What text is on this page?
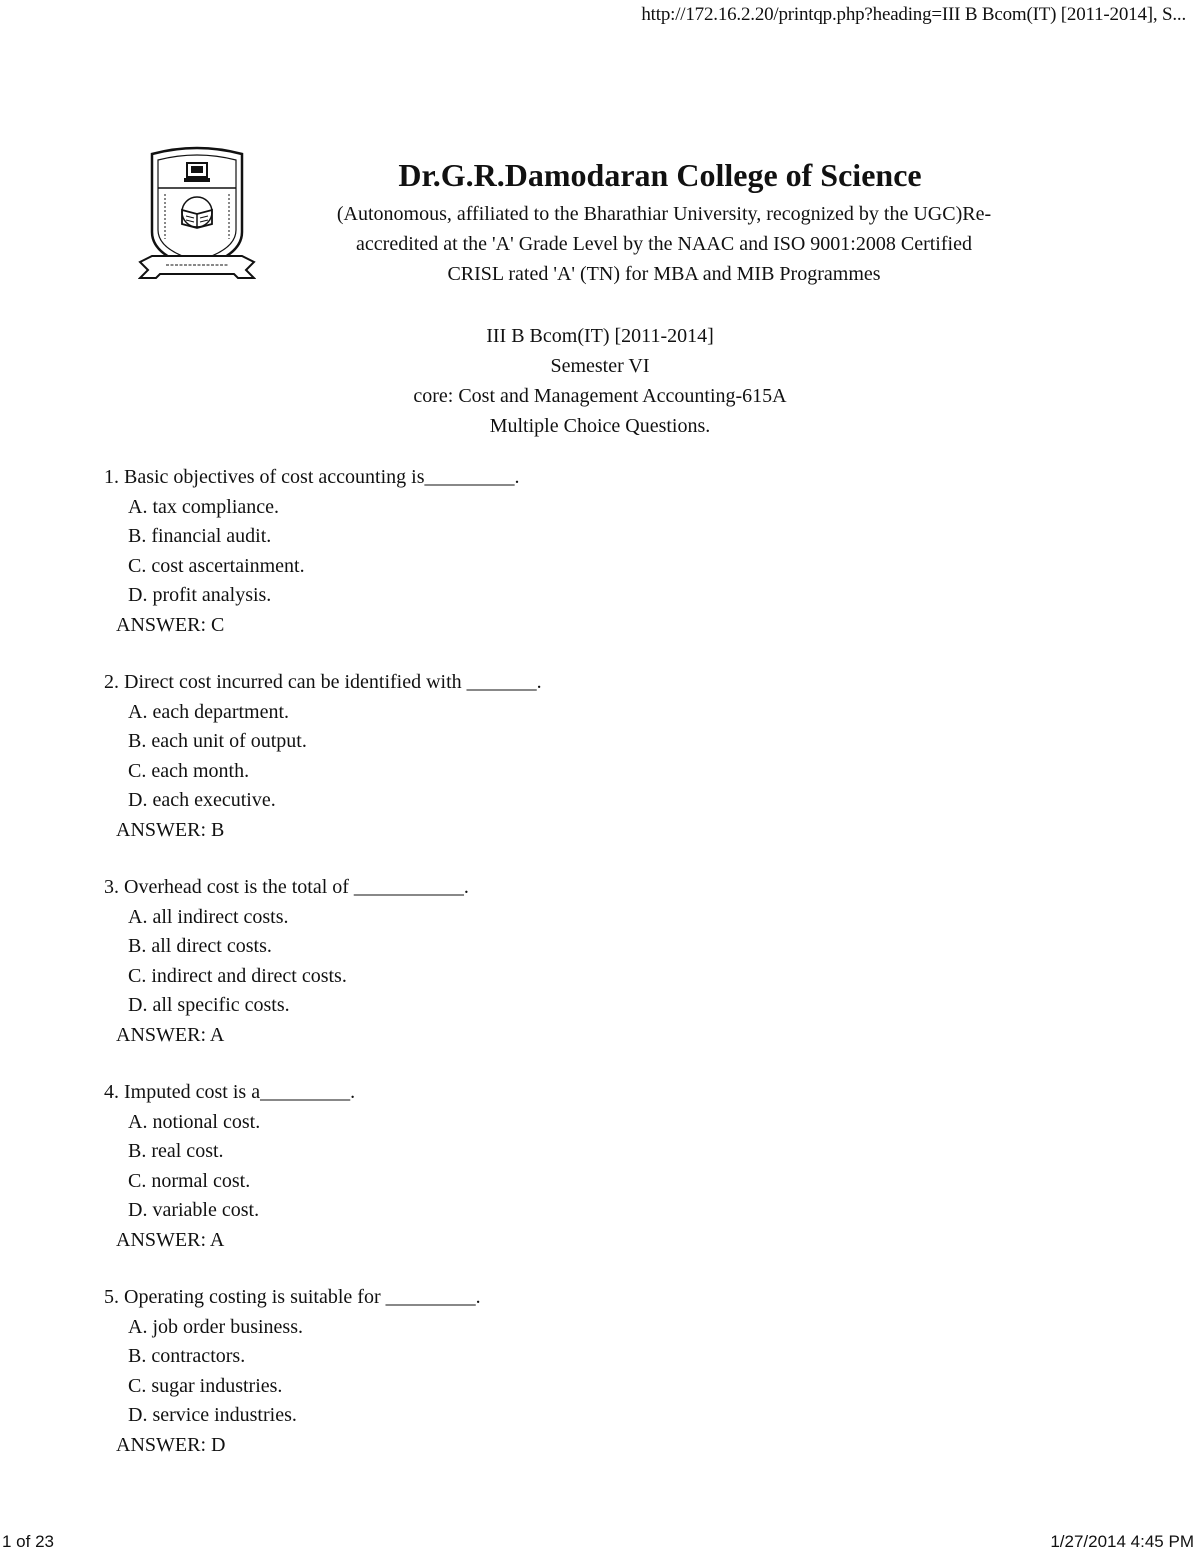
http://172.16.2.20/printqp.php?heading=III B Bcom(IT) [2011-2014], S...
Dr.G.R.Damodaran College of Science
(Autonomous, affiliated to the Bharathiar University, recognized by the UGC)Re-
accredited at the 'A' Grade Level by the NAAC and ISO 9001:2008 Certified
CRISL rated 'A' (TN) for MBA and MIB Programmes
III B Bcom(IT) [2011-2014]
Semester VI
core: Cost and Management Accounting-615A
Multiple Choice Questions.
1. Basic objectives of cost accounting is_________.
A. tax compliance.
B. financial audit.
C. cost ascertainment.
D. profit analysis.
ANSWER: C
2. Direct cost incurred can be identified with _______.
A. each department.
B. each unit of output.
C. each month.
D. each executive.
ANSWER: B
3. Overhead cost is the total of ___________.
A. all indirect costs.
B. all direct costs.
C. indirect and direct costs.
D. all specific costs.
ANSWER: A
4. Imputed cost is a_________.
A. notional cost.
B. real cost.
C. normal cost.
D. variable cost.
ANSWER: A
5. Operating costing is suitable for _________.
A. job order business.
B. contractors.
C. sugar industries.
D. service industries.
ANSWER: D
1 of 23	1/27/2014 4:45 PM
